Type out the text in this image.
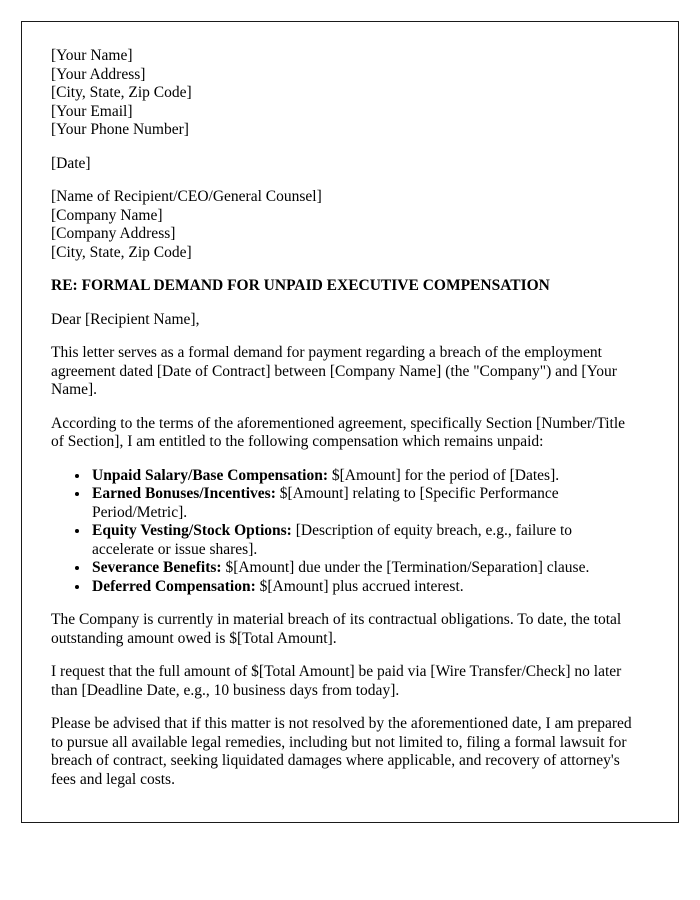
[Your Name]
[Your Address]
[City, State, Zip Code]
[Your Email]
[Your Phone Number]
[Date]
[Name of Recipient/CEO/General Counsel]
[Company Name]
[Company Address]
[City, State, Zip Code]
RE: FORMAL DEMAND FOR UNPAID EXECUTIVE COMPENSATION
Dear [Recipient Name],

This letter serves as a formal demand for payment regarding a breach of the employment agreement dated [Date of Contract] between [Company Name] (the "Company") and [Your Name].

According to the terms of the aforementioned agreement, specifically Section [Number/Title of Section], I am entitled to the following compensation which remains unpaid:

• Unpaid Salary/Base Compensation: $[Amount] for the period of [Dates].
• Earned Bonuses/Incentives: $[Amount] relating to [Specific Performance Period/Metric].
• Equity Vesting/Stock Options: [Description of equity breach, e.g., failure to accelerate or issue shares].
• Severance Benefits: $[Amount] due under the [Termination/Separation] clause.
• Deferred Compensation: $[Amount] plus accrued interest.

The Company is currently in material breach of its contractual obligations. To date, the total outstanding amount owed is $[Total Amount].

I request that the full amount of $[Total Amount] be paid via [Wire Transfer/Check] no later than [Deadline Date, e.g., 10 business days from today].

Please be advised that if this matter is not resolved by the aforementioned date, I am prepared to pursue all available legal remedies, including but not limited to, filing a formal lawsuit for breach of contract, seeking liquidated damages where applicable, and recovery of attorney's fees and legal costs.
